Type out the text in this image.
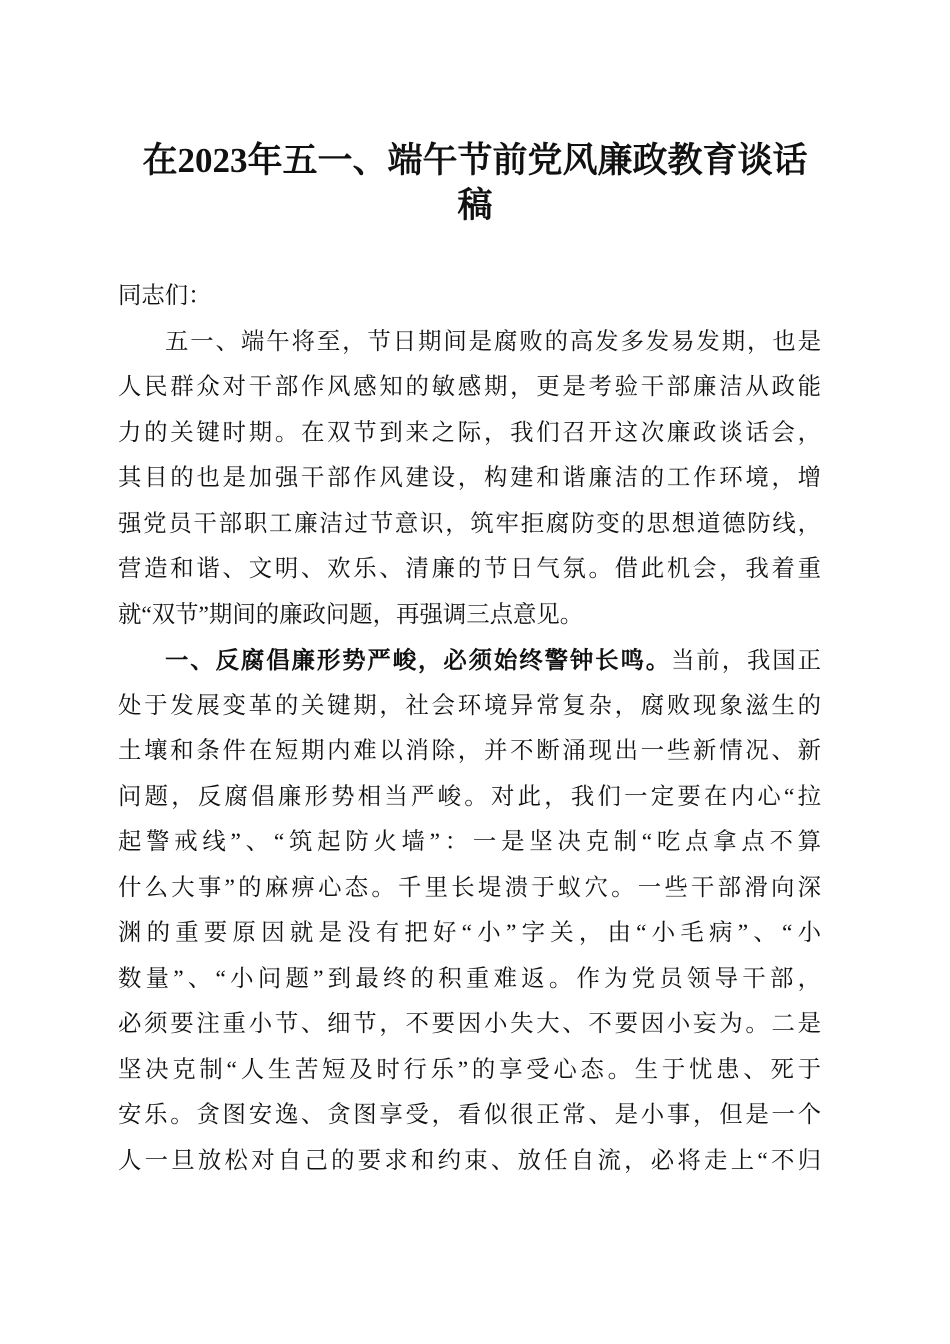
在2023年五一、端午节前党风廉政教育谈话
稿
同志们：
五一、端午将至，节日期间是腐败的高发多发易发期，也是
人民群众对干部作风感知的敏感期，更是考验干部廉洁从政能
力的关键时期。在双节到来之际，我们召开这次廉政谈话会，
其目的也是加强干部作风建设，构建和谐廉洁的工作环境，增
强党员干部职工廉洁过节意识，筑牢拒腐防变的思想道德防线，
营造和谐、文明、欢乐、清廉的节日气氛。借此机会，我着重
就“双节”期间的廉政问题，再强调三点意见。
一、反腐倡廉形势严峻，必须始终警钟长鸣。当前，我国正
处于发展变革的关键期，社会环境异常复杂，腐败现象滋生的
土壤和条件在短期内难以消除，并不断涌现出一些新情况、新
问题，反腐倡廉形势相当严峻。对此，我们一定要在内心“拉
起警戒线”、“筑起防火墙”：一是坚决克制“吃点拿点不算
什么大事”的麻痹心态。千里长堤溃于蚁穴。一些干部滑向深
渊的重要原因就是没有把好“小”字关，由“小毛病”、“小
数量”、“小问题”到最终的积重难返。作为党员领导干部，
必须要注重小节、细节，不要因小失大、不要因小妄为。二是
坚决克制“人生苦短及时行乐”的享受心态。生于忧患、死于
安乐。贪图安逸、贪图享受，看似很正常、是小事，但是一个
人一旦放松对自己的要求和约束、放任自流，必将走上“不归
